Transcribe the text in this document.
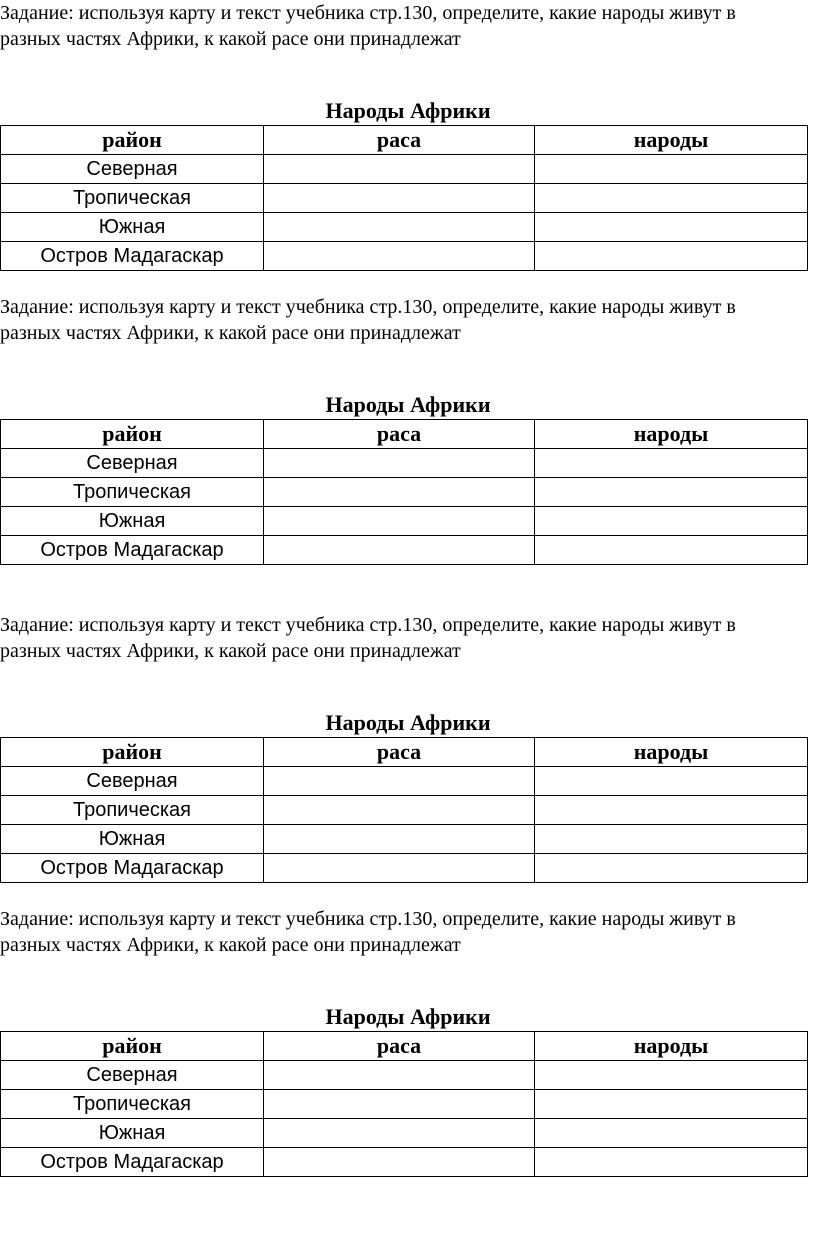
Задание: используя карту и текст учебника стр.130, определите, какие народы живут в разных частях Африки, к какой расе они принадлежат

Народы Африки

район	раса	народы
Северная		
Тропическая		
Южная		
Остров Мадагаскар		

Задание: используя карту и текст учебника стр.130, определите, какие народы живут в разных частях Африки, к какой расе они принадлежат

Народы Африки

район	раса	народы
Северная		
Тропическая		
Южная		
Остров Мадагаскар		

Задание: используя карту и текст учебника стр.130, определите, какие народы живут в разных частях Африки, к какой расе они принадлежат

Народы Африки

район	раса	народы
Северная		
Тропическая		
Южная		
Остров Мадагаскар		

Задание: используя карту и текст учебника стр.130, определите, какие народы живут в разных частях Африки, к какой расе они принадлежат

Народы Африки

район	раса	народы
Северная		
Тропическая		
Южная		
Остров Мадагаскар		
